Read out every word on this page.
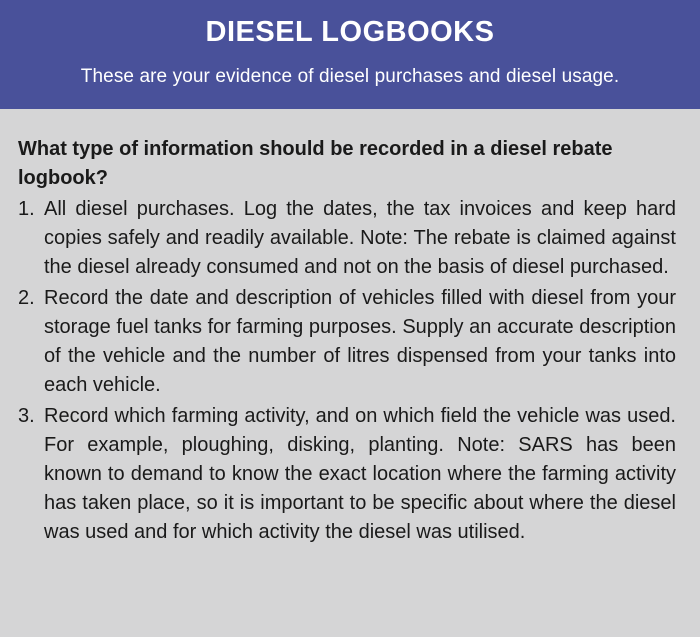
DIESEL LOGBOOKS
These are your evidence of diesel purchases and diesel usage.

What type of information should be recorded in a diesel rebate logbook?

1. All diesel purchases. Log the dates, the tax invoices and keep hard copies safely and readily available. Note: The rebate is claimed against the diesel already consumed and not on the basis of diesel purchased.
2. Record the date and description of vehicles filled with diesel from your storage fuel tanks for farming purposes. Supply an accurate description of the vehicle and the number of litres dispensed from your tanks into each vehicle.
3. Record which farming activity, and on which field the vehicle was used. For example, ploughing, disking, planting. Note: SARS has been known to demand to know the exact location where the farming activity has taken place, so it is important to be specific about where the diesel was used and for which activity the diesel was utilised.
